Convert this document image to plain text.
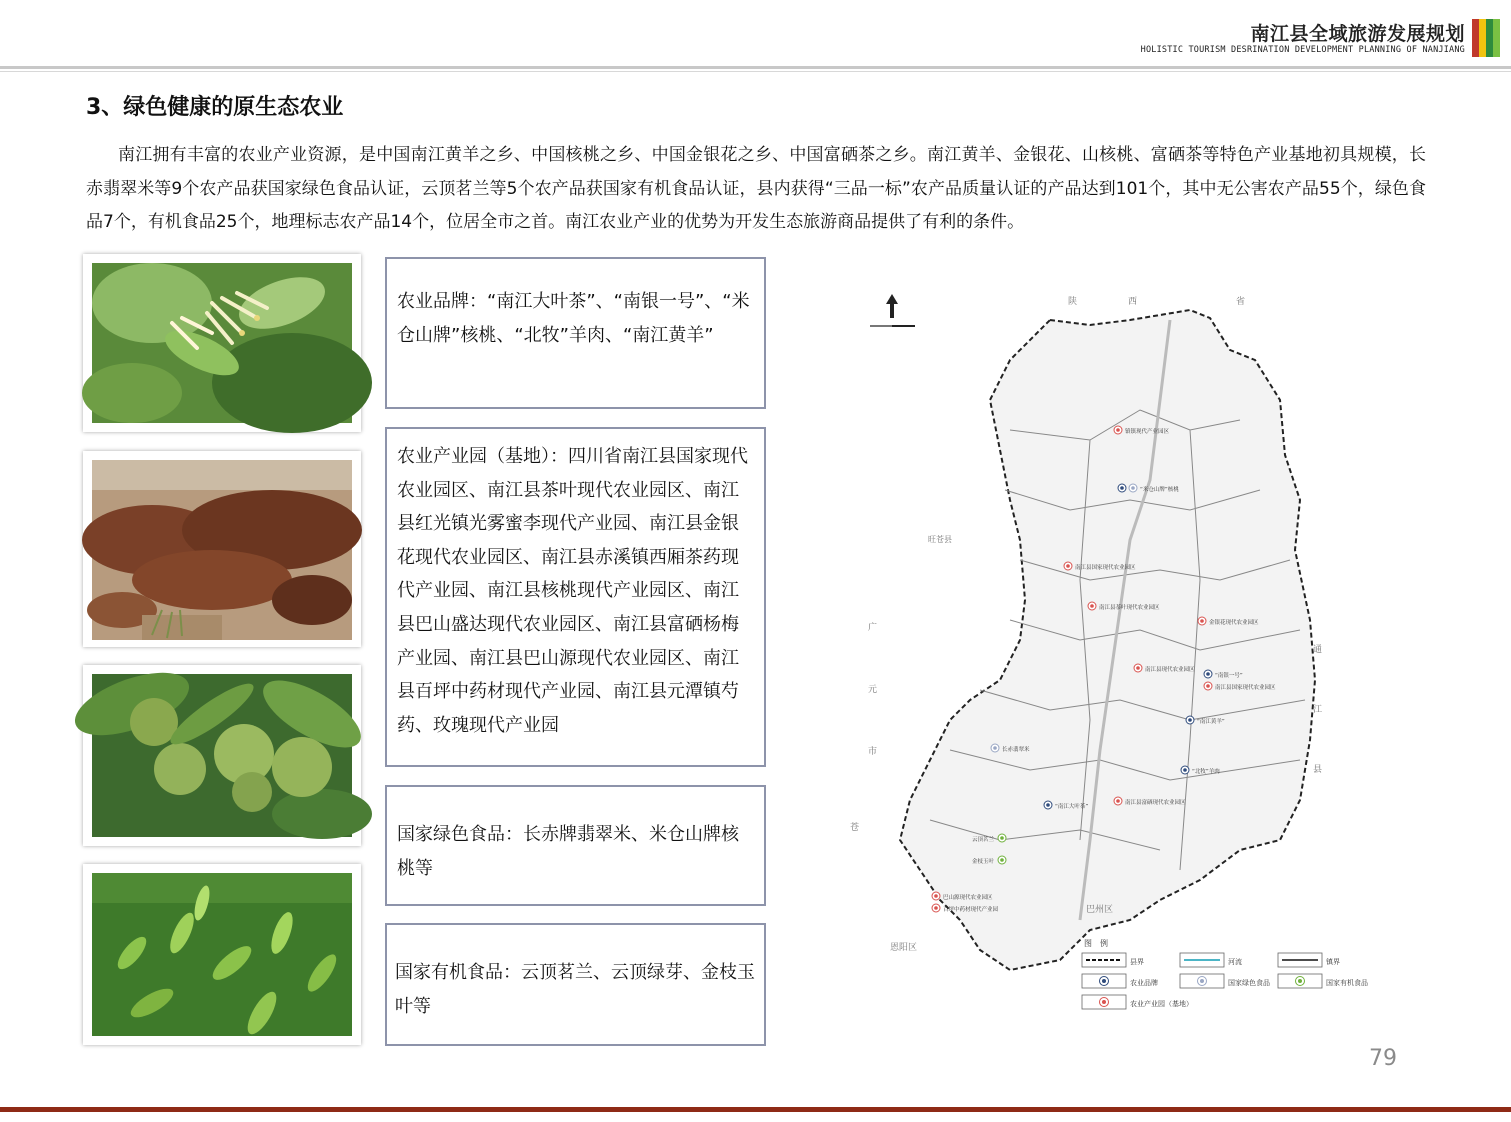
南江县全域旅游发展规划
HOLISTIC TOURISM DESRINATION DEVELOPMENT PLANNING OF NANJIANG
3、绿色健康的原生态农业
南江拥有丰富的农业产业资源，是中国南江黄羊之乡、中国核桃之乡、中国金银花之乡、中国富硒茶之乡。南江黄羊、金银花、山核桃、富硒茶等特色产业基地初具规模，长赤翡翠米等9个农产品获国家绿色食品认证，云顶茗兰等5个农产品获国家有机食品认证，县内获得“三品一标”农产品质量认证的产品达到101个，其中无公害农产品55个，绿色食品7个，有机食品25个，地理标志农产品14个，位居全市之首。南江农业产业的优势为开发生态旅游商品提供了有利的条件。
农业品牌：“南江大叶茶”、“南银一号”、“米仓山牌”核桃、“北牧”羊肉、“南江黄羊”
农业产业园（基地）：四川省南江县国家现代农业园区、南江县茶叶现代农业园区、南江县红光镇光雾蜜李现代产业园、南江县金银花现代农业园区、南江县赤溪镇西厢茶药现代产业园、南江县核桃现代产业园区、南江县巴山盛达现代农业园区、南江县富硒杨梅产业园、南江县巴山源现代农业园区、南江县百坪中药材现代产业园、南江县元潭镇芍药、玫瑰现代产业园
国家绿色食品：长赤牌翡翠米、米仓山牌核桃等
国家有机食品：云顶茗兰、云顶绿芽、金枝玉叶等
陕	西	省
旺苍县
广
元
市
苍
通
江
县
巴州区
恩阳区
镇镇现代产业园区
“米仓山牌”核桃
南江县国家现代农业园区
南江县茶叶现代农业园区
金银花现代农业园区
南江县现代农业园区
“南银一号”
南江县国家现代农业园区
“南江黄羊”
南江县富硒现代农业园区
长赤翡翠米
“南江大叶茶”
“北牧”羊肉
云顶茗兰
金枝玉叶
巴山源现代农业园区
百坪中药材现代产业园
图　例
县界	河流	镇界
农业品牌	国家绿色食品	国家有机食品
农业产业园（基地）
79
